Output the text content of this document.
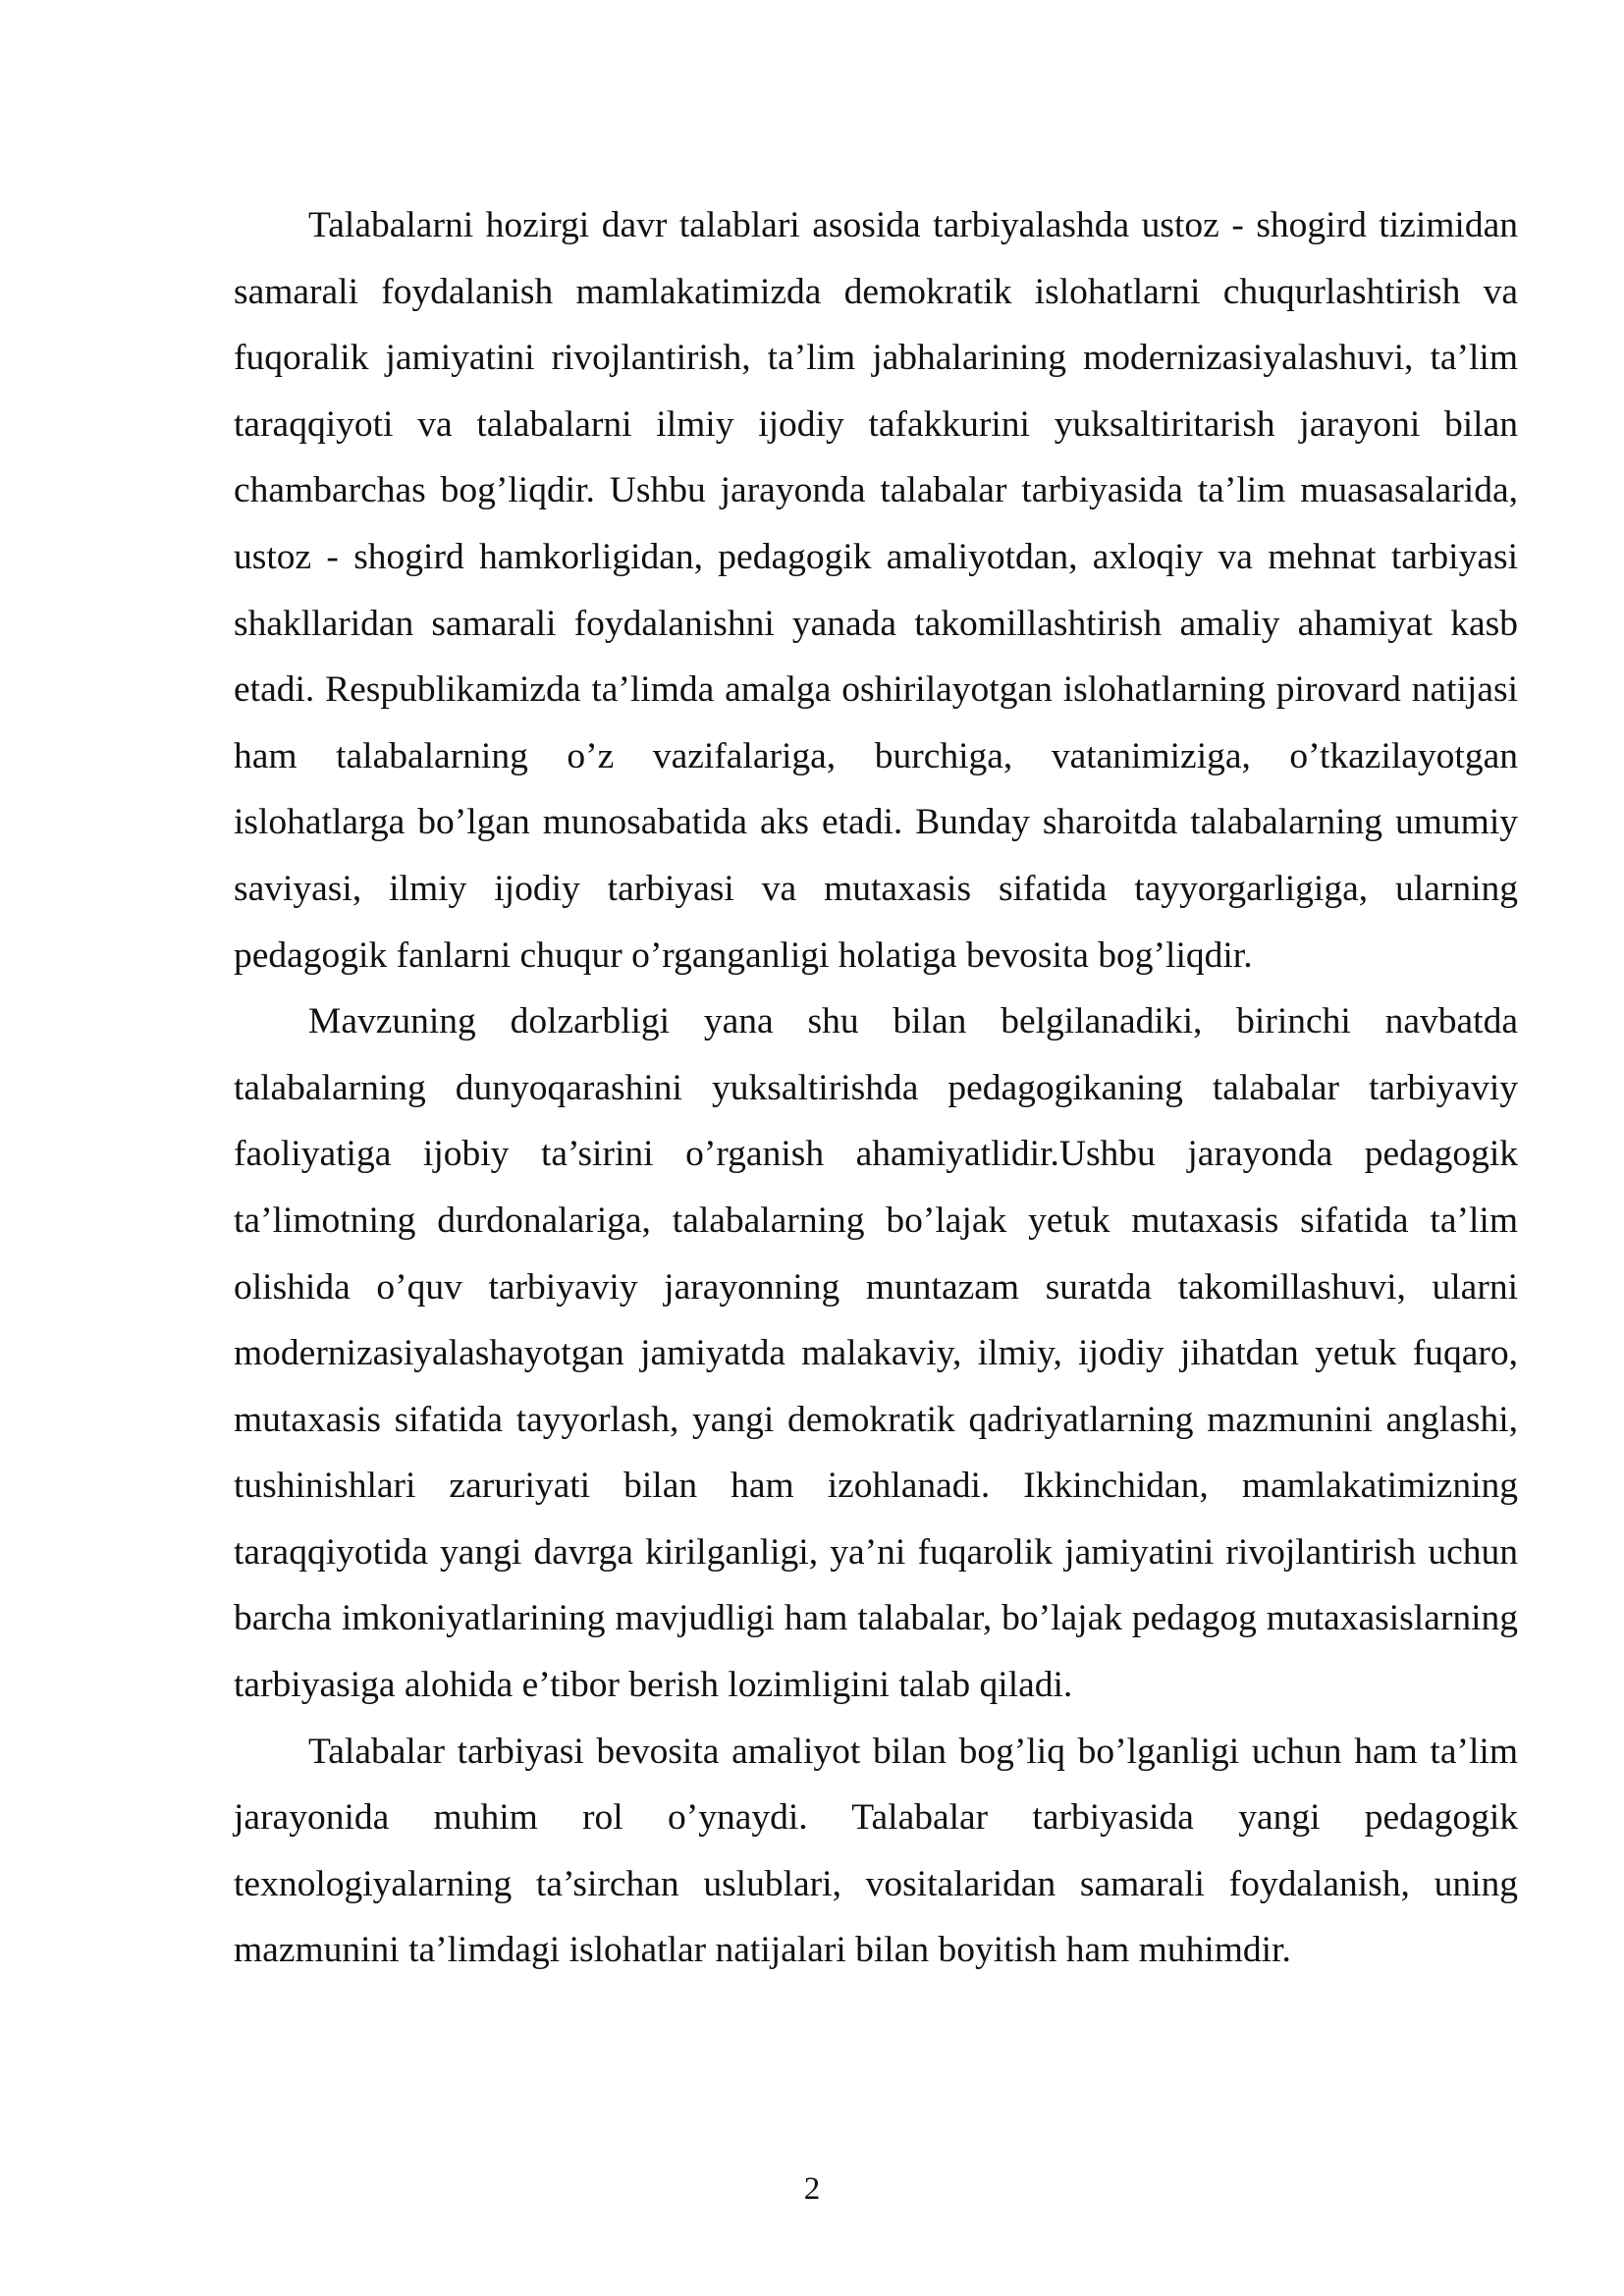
Talabalarni hozirgi davr talablari asosida tarbiyalashda ustoz - shogird tizimidan samarali foydalanish mamlakatimizda demokratik islohatlarni chuqurlashtirish va fuqoralik jamiyatini rivojlantirish, ta’lim jabhalarining modernizasiyalashuvi, ta’lim taraqqiyoti va talabalarni ilmiy ijodiy tafakkurini yuksaltiritarish jarayoni bilan chambarchas bog’liqdir. Ushbu jarayonda talabalar tarbiyasida ta’lim muasasalarida, ustoz - shogird hamkorligidan, pedagogik amaliyotdan, axloqiy va mehnat tarbiyasi shakllaridan samarali foydalanishni yanada takomillashtirish amaliy ahamiyat kasb etadi. Respublikamizda ta’limda amalga oshirilayotgan islohatlarning pirovard natijasi ham talabalarning o’z vazifalariga, burchiga, vatanimiziga, o’tkazilayotgan islohatlarga bo’lgan munosabatida aks etadi. Bunday sharoitda talabalarning umumiy saviyasi, ilmiy ijodiy tarbiyasi va mutaxasis sifatida tayyorgarligiga, ularning pedagogik fanlarni chuqur o’rganganligi holatiga bevosita bog’liqdir.

Mavzuning dolzarbligi yana shu bilan belgilanadiki, birinchi navbatda talabalarning dunyoqarashini yuksaltirishda pedagogikaning talabalar tarbiyaviy faoliyatiga ijobiy ta’sirini o’rganish ahamiyatlidir.Ushbu jarayonda pedagogik ta’limotning durdonalariga, talabalarning bo’lajak yetuk mutaxasis sifatida ta’lim olishida o’quv tarbiyaviy jarayonning muntazam suratda takomillashuvi, ularni modernizasiyalashayotgan jamiyatda malakaviy, ilmiy, ijodiy jihatdan yetuk fuqaro, mutaxasis sifatida tayyorlash, yangi demokratik qadriyatlarning mazmunini anglashi, tushinishlari zaruriyati bilan ham izohlanadi. Ikkinchidan, mamlakatimizning taraqqiyotida yangi davrga kirilganligi, ya’ni fuqarolik jamiyatini rivojlantirish uchun barcha imkoniyatlarining mavjudligi ham talabalar, bo’lajak pedagog mutaxasislarning tarbiyasiga alohida e’tibor berish lozimligini talab qiladi.

Talabalar tarbiyasi bevosita amaliyot bilan bog’liq bo’lganligi uchun ham ta’lim jarayonida muhim rol o’ynaydi. Talabalar tarbiyasida yangi pedagogik texnologiyalarning ta’sirchan uslublari, vositalaridan samarali foydalanish, uning mazmunini ta’limdagi islohatlar natijalari bilan boyitish ham muhimdir.

2
